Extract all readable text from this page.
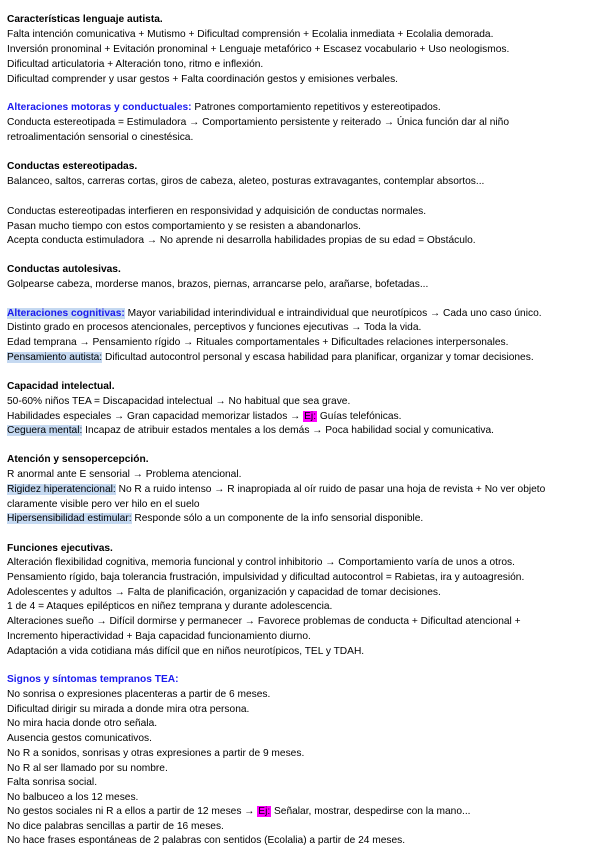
Características lenguaje autista.
Falta intención comunicativa + Mutismo + Dificultad comprensión + Ecolalia inmediata + Ecolalia demorada.
Inversión pronominal + Evitación pronominal + Lenguaje metafórico + Escasez vocabulario + Uso neologismos.
Dificultad articulatoria + Alteración tono, ritmo e inflexión.
Dificultad comprender y usar gestos + Falta coordinación gestos y emisiones verbales.
Alteraciones motoras y conductuales: Patrones comportamiento repetitivos y estereotipados.
Conducta estereotipada = Estimuladora → Comportamiento persistente y reiterado → Única función dar al niño
retroalimentación sensorial o cinestésica.
Conductas estereotipadas.
Balanceo, saltos, carreras cortas, giros de cabeza, aleteo, posturas extravagantes, contemplar absortos...
Conductas estereotipadas interfieren en responsividad y adquisición de conductas normales.
Pasan mucho tiempo con estos comportamiento y se resisten a abandonarlos.
Acepta conducta estimuladora → No aprende ni desarrolla habilidades propias de su edad = Obstáculo.
Conductas autolesivas.
Golpearse cabeza, morderse manos, brazos, piernas, arrancarse pelo, arañarse, bofetadas...
Alteraciones cognitivas: Mayor variabilidad interindividual e intraindividual que neurotípicos → Cada uno caso único.
Distinto grado en procesos atencionales, perceptivos y funciones ejecutivas → Toda la vida.
Edad temprana → Pensamiento rígido → Rituales comportamentales + Dificultades relaciones interpersonales.
Pensamiento autista: Dificultad autocontrol personal y escasa habilidad para planificar, organizar y tomar decisiones.
Capacidad intelectual.
50-60% niños TEA = Discapacidad intelectual → No habitual que sea grave.
Habilidades especiales → Gran capacidad memorizar listados → Ej: Guías telefónicas.
Ceguera mental: Incapaz de atribuir estados mentales a los demás → Poca habilidad social y comunicativa.
Atención y sensopercepción.
R anormal ante E sensorial → Problema atencional.
Rigidez hiperatencional: No R a ruido intenso → R inapropiada al oír ruido de pasar una hoja de revista + No ver objeto
claramente visible pero ver hilo en el suelo
Hipersensibilidad estimular: Responde sólo a un componente de la info sensorial disponible.
Funciones ejecutivas.
Alteración flexibilidad cognitiva, memoria funcional y control inhibitorio → Comportamiento varía de unos a otros.
Pensamiento rígido, baja tolerancia frustración, impulsividad y dificultad autocontrol = Rabietas, ira y autoagresión.
Adolescentes y adultos → Falta de planificación, organización y capacidad de tomar decisiones.
1 de 4 = Ataques epilépticos en niñez temprana y durante adolescencia.
Alteraciones sueño → Difícil dormirse y permanecer → Favorece problemas de conducta + Dificultad atencional +
Incremento hiperactividad + Baja capacidad funcionamiento diurno.
Adaptación a vida cotidiana más difícil que en niños neurotípicos, TEL y TDAH.
Signos y síntomas tempranos TEA:
No sonrisa o expresiones placenteras a partir de 6 meses.
Dificultad dirigir su mirada a donde mira otra persona.
No mira hacia donde otro señala.
Ausencia gestos comunicativos.
No R a sonidos, sonrisas y otras expresiones a partir de 9 meses.
No R al ser llamado por su nombre.
Falta sonrisa social.
No balbuceo a los 12 meses.
No gestos sociales ni R a ellos a partir de 12 meses → Ej: Señalar, mostrar, despedirse con la mano...
No dice palabras sencillas a partir de 16 meses.
No hace frases espontáneas de 2 palabras con sentidos (Ecolalia) a partir de 24 meses.
